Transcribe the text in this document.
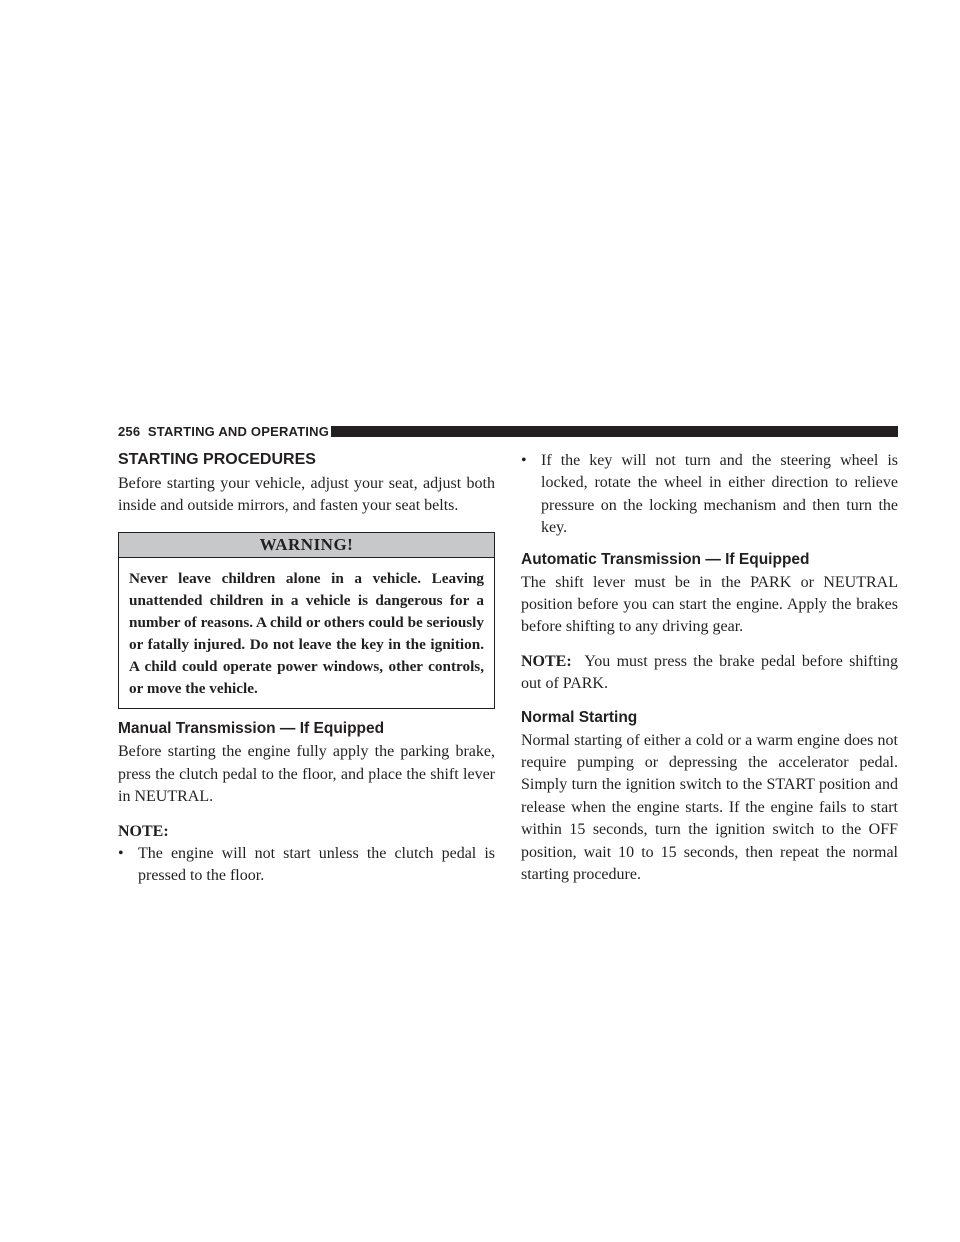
256 STARTING AND OPERATING
STARTING PROCEDURES

Before starting your vehicle, adjust your seat, adjust both inside and outside mirrors, and fasten your seat belts.

WARNING!
Never leave children alone in a vehicle. Leaving unattended children in a vehicle is dangerous for a number of reasons. A child or others could be seriously or fatally injured. Do not leave the key in the ignition. A child could operate power windows, other controls, or move the vehicle.
Manual Transmission — If Equipped

Before starting the engine fully apply the parking brake, press the clutch pedal to the floor, and place the shift lever in NEUTRAL.

NOTE:

• The engine will not start unless the clutch pedal is pressed to the floor.
• If the key will not turn and the steering wheel is locked, rotate the wheel in either direction to relieve pressure on the locking mechanism and then turn the key.
Automatic Transmission — If Equipped

The shift lever must be in the PARK or NEUTRAL position before you can start the engine. Apply the brakes before shifting to any driving gear.

NOTE: You must press the brake pedal before shifting out of PARK.
Normal Starting

Normal starting of either a cold or a warm engine does not require pumping or depressing the accelerator pedal. Simply turn the ignition switch to the START position and release when the engine starts. If the engine fails to start within 15 seconds, turn the ignition switch to the OFF position, wait 10 to 15 seconds, then repeat the normal starting procedure.
